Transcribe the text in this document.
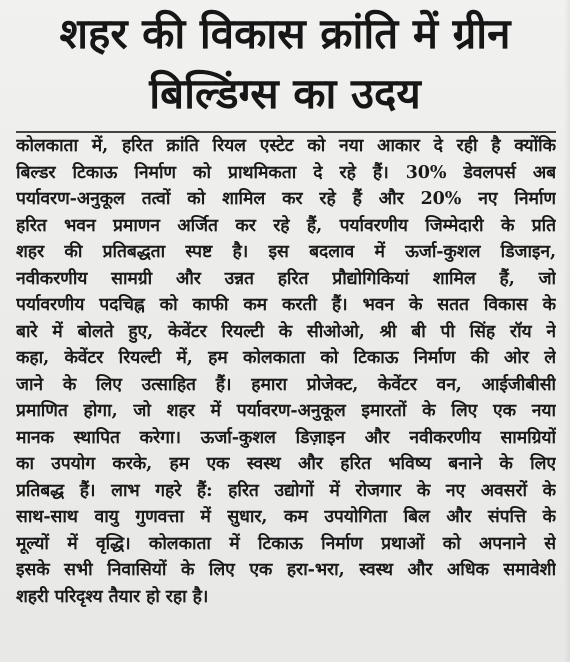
शहर की विकास क्रांति में ग्रीन
बिल्डिंग्स का उदय
कोलकाता में, हरित क्रांति रियल एस्टेट को नया आकार दे रही है क्योंकि
बिल्डर टिकाऊ निर्माण को प्राथमिकता दे रहे हैं। 30% डेवलपर्स अब
पर्यावरण-अनुकूल तत्वों को शामिल कर रहे हैं और 20% नए निर्माण
हरित भवन प्रमाणन अर्जित कर रहे हैं, पर्यावरणीय जिम्मेदारी के प्रति
शहर की प्रतिबद्धता स्पष्ट है। इस बदलाव में ऊर्जा-कुशल डिजाइन,
नवीकरणीय सामग्री और उन्नत हरित प्रौद्योगिकियां शामिल हैं, जो
पर्यावरणीय पदचिह्न को काफी कम करती हैं। भवन के सतत विकास के
बारे में बोलते हुए, केवेंटर रियल्टी के सीओओ, श्री बी पी सिंह रॉय ने
कहा, केवेंटर रियल्टी में, हम कोलकाता को टिकाऊ निर्माण की ओर ले
जाने के लिए उत्साहित हैं। हमारा प्रोजेक्ट, केवेंटर वन, आईजीबीसी
प्रमाणित होगा, जो शहर में पर्यावरण-अनुकूल इमारतों के लिए एक नया
मानक स्थापित करेगा। ऊर्जा-कुशल डिज़ाइन और नवीकरणीय सामग्रियों
का उपयोग करके, हम एक स्वस्थ और हरित भविष्य बनाने के लिए
प्रतिबद्ध हैं। लाभ गहरे हैं: हरित उद्योगों में रोजगार के नए अवसरों के
साथ-साथ वायु गुणवत्ता में सुधार, कम उपयोगिता बिल और संपत्ति के
मूल्यों में वृद्धि। कोलकाता में टिकाऊ निर्माण प्रथाओं को अपनाने से
इसके सभी निवासियों के लिए एक हरा-भरा, स्वस्थ और अधिक समावेशी
शहरी परिदृश्य तैयार हो रहा है।
